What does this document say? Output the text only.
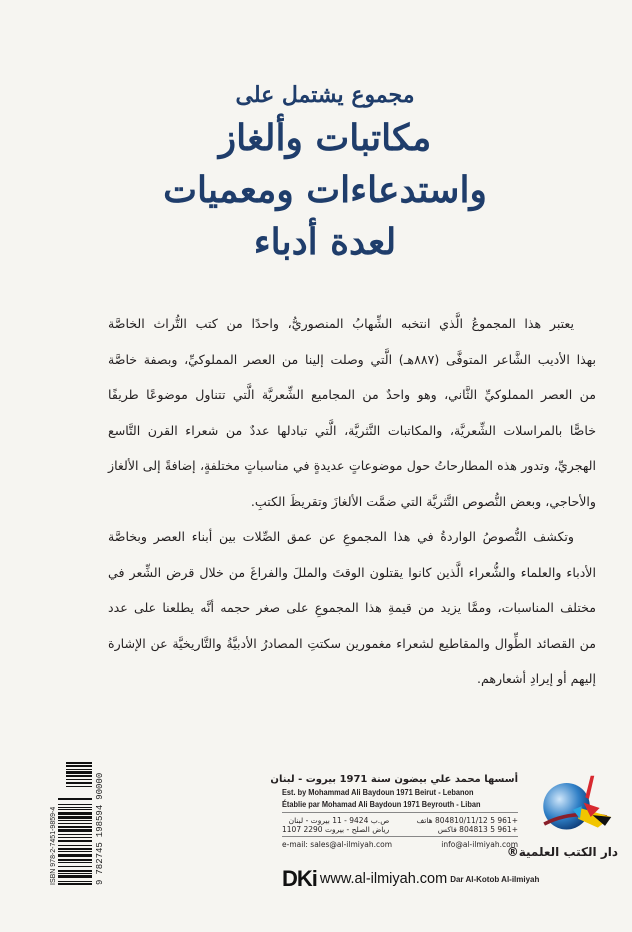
مجموع يشتمل على
مكاتبات وألغاز
واستدعاءات ومعميات
لعدة أدباء
يعتبر هذا المجموعُ الَّذي انتخبه الشِّهابُ المنصوريُّ، واحدًا من كتب التُّراث الخاصَّة
بهذا الأديب الشَّاعر المتوفَّى (٨٨٧هـ) الَّتي وصلت إلينا من العصر المملوكيِّ، وبصفة خاصَّة
من العصر المملوكيِّ الثَّاني، وهو واحدٌ من المجاميع الشِّعريَّة الَّتي تتناول موضوعًا طريفًا
خاصًّا بالمراسلات الشِّعريَّة، والمكاتبات النَّثريَّة، الَّتي تبادلها عددٌ من شعراء القرن التَّاسع
الهجريِّ، وتدور هذه المطارحاتُ حول موضوعاتٍ عديدةٍ في مناسباتٍ مختلفةٍ، إضافةً إلى الألغاز
والأحاجي، وبعض النُّصوص النَّثريَّة التي ضمَّت الألغازَ وتقريظَ الكتبِ.
وتكشف النُّصوصُ الواردةُ في هذا المجموعِ عن عمق الصِّلات بين أبناء العصر وبخاصَّة
الأدباء والعلماء والشُّعراء الَّذين كانوا يقتلون الوقتَ والمللَ والفراغَ من خلال قرض الشِّعر في
مختلف المناسبات، وممَّا يزيد من قيمةِ هذا المجموعِ على صغر حجمه أنَّه يطلعنا على عدد
من القصائد الطِّوال والمقاطيع لشعراء مغمورين سكتتِ المصادرُ الأدبيَّةُ والتَّاريخيَّة عن الإشارة
إليهم أو إيرادِ أشعارهم.
ISBN 978-2-7451-9859-4	9
782745
198594
90000	أسسها محمد علي بيضون سنة 1971 بيروت - لبنان
Est. by Mohammad Ali Baydoun 1971 Beirut - Lebanon
Établie par Mohamad Ali Baydoun 1971 Beyrouth - Liban
+961 5 804810/11/12 هاتف
+961 5 804813 فاكس
ص.ب 9424 - 11 بيروت - لبنان
رياض الصلح - بيروت 2290 1107
e-mail: sales@al-ilmiyah.com	info@al-ilmiyah.com
دار الكتب العلمية®
DKi www.al-ilmiyah.com Dar Al-Kotob Al-ilmiyah
